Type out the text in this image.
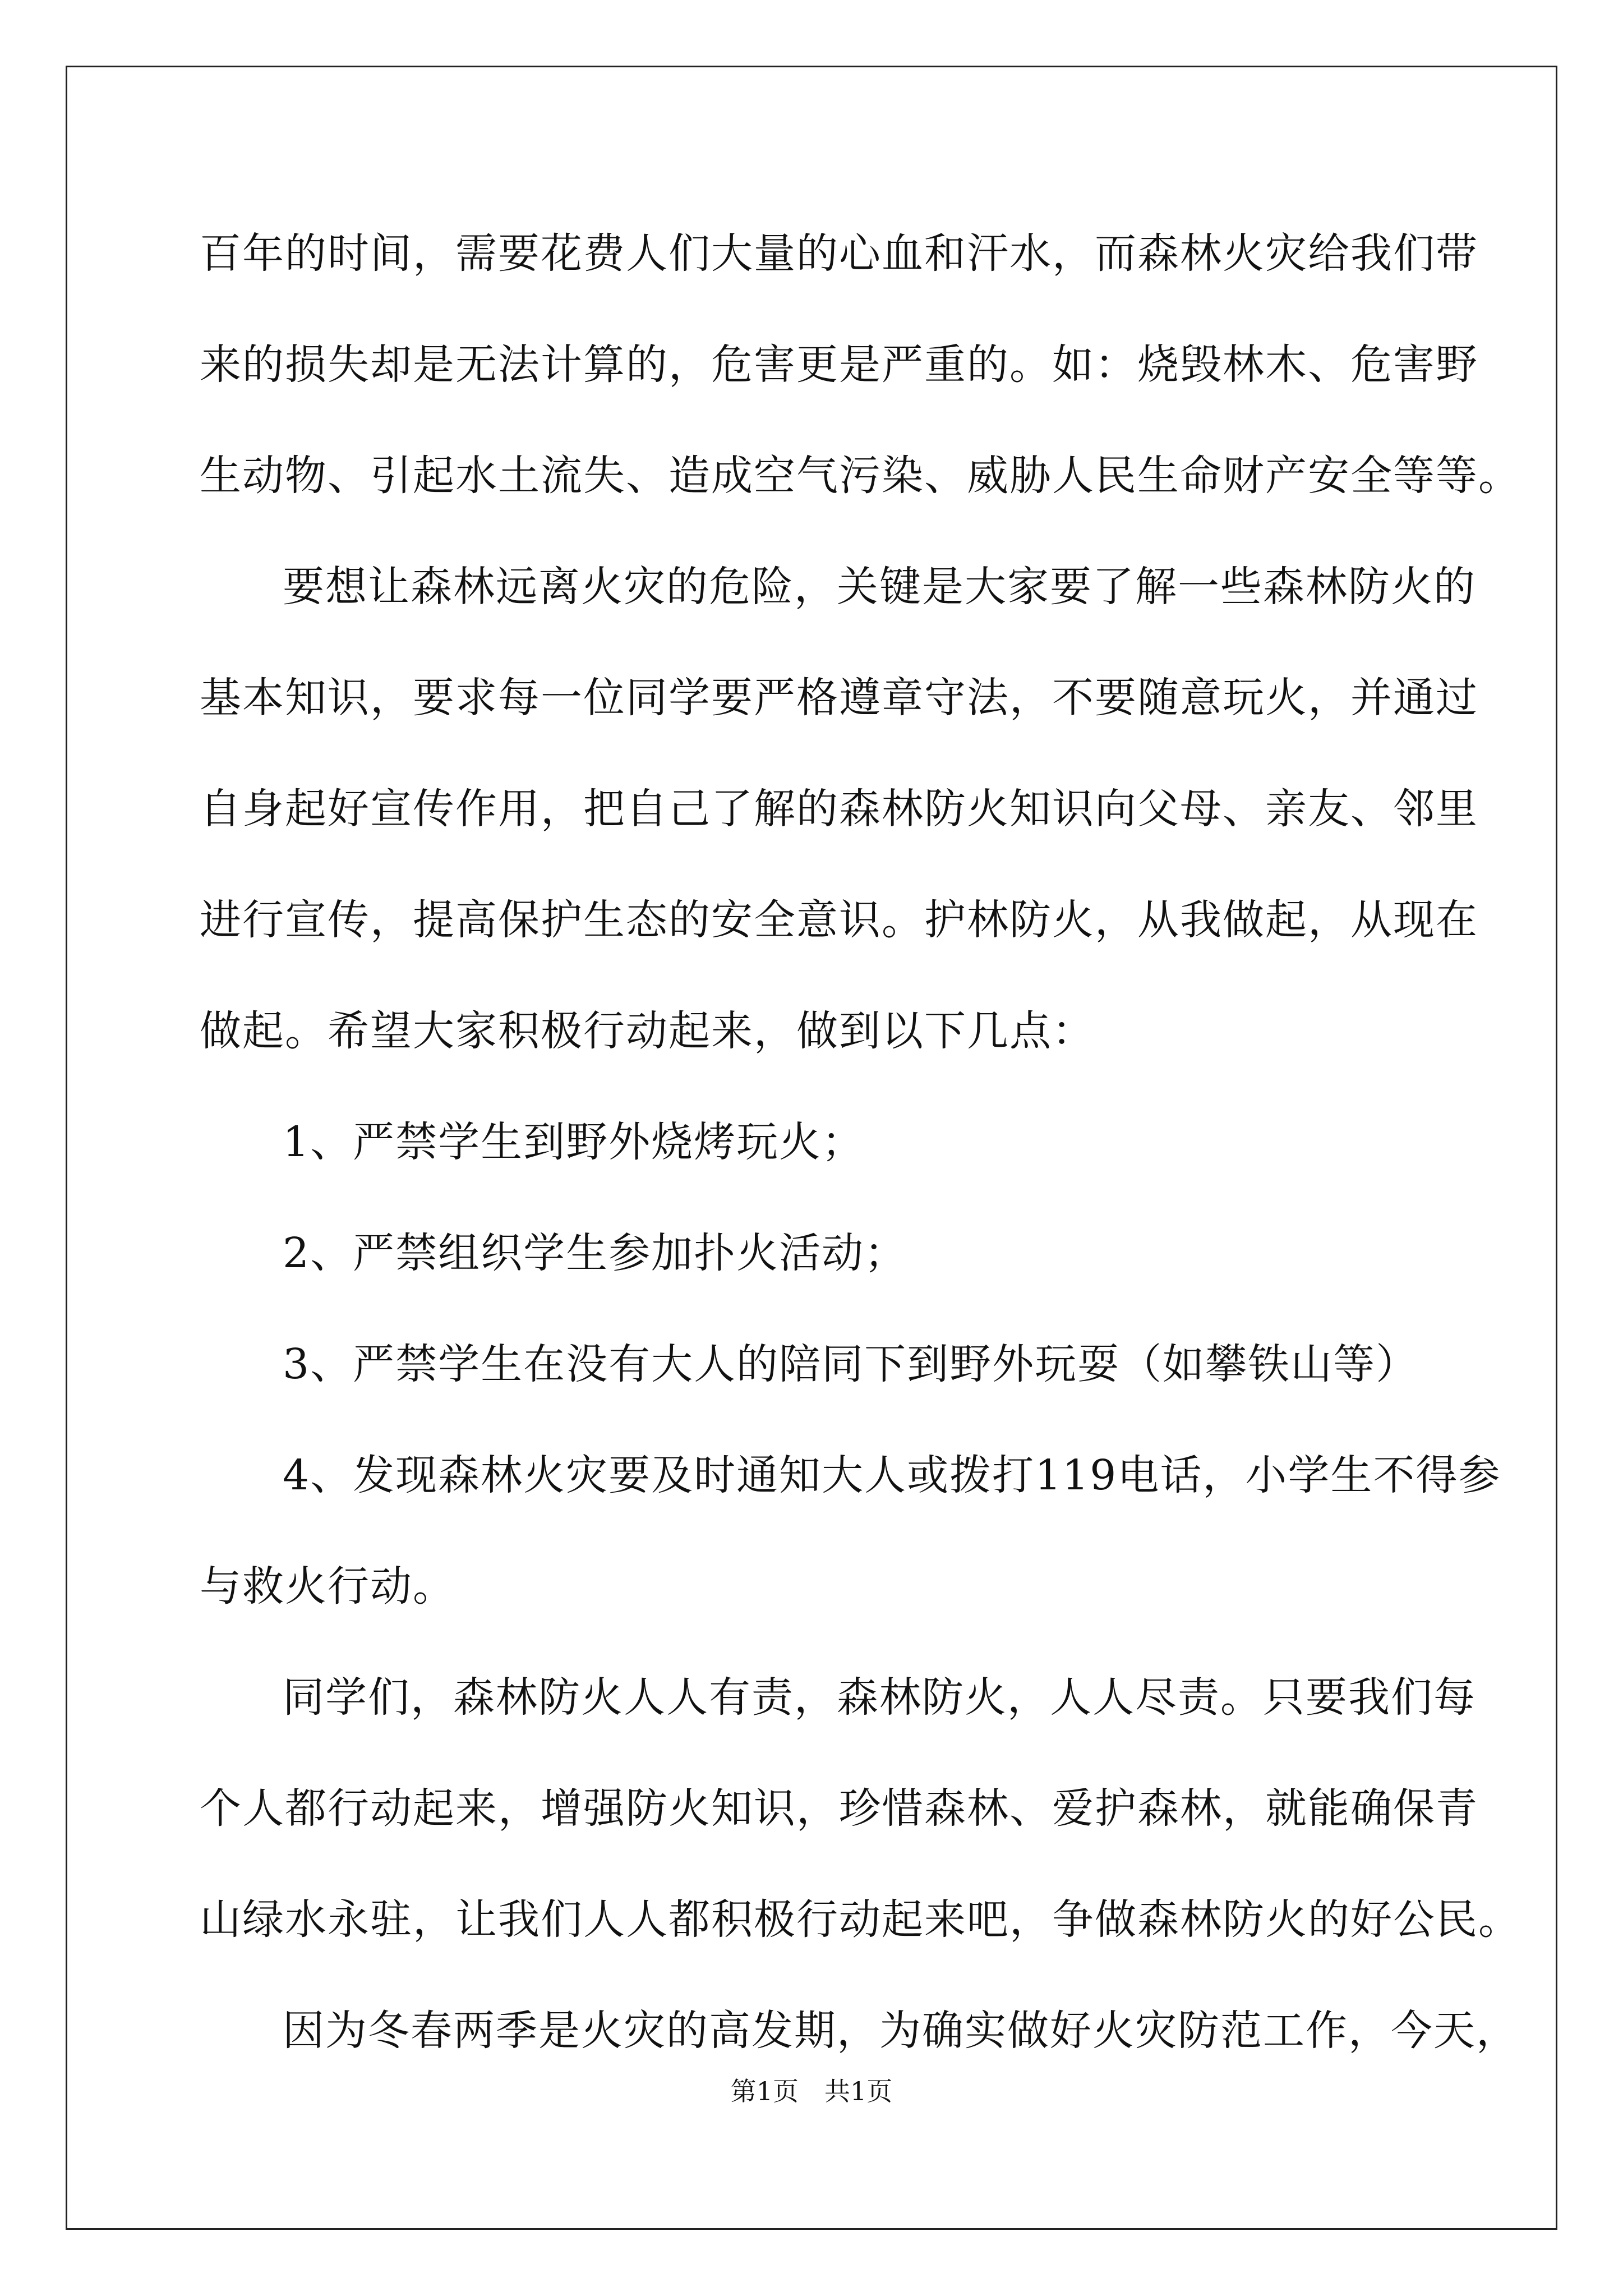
百年的时间，需要花费人们大量的心血和汗水，而森林火灾给我们带
来的损失却是无法计算的，危害更是严重的。如：烧毁林木、危害野
生动物、引起水土流失、造成空气污染、威胁人民生命财产安全等等。
要想让森林远离火灾的危险，关键是大家要了解一些森林防火的
基本知识，要求每一位同学要严格遵章守法，不要随意玩火，并通过
自身起好宣传作用，把自己了解的森林防火知识向父母、亲友、邻里
进行宣传，提高保护生态的安全意识。护林防火，从我做起，从现在
做起。希望大家积极行动起来，做到以下几点：
1、严禁学生到野外烧烤玩火；
2、严禁组织学生参加扑火活动；
3、严禁学生在没有大人的陪同下到野外玩耍（如攀铁山等）
4、发现森林火灾要及时通知大人或拨打119电话，小学生不得参
与救火行动。
同学们，森林防火人人有责，森林防火，人人尽责。只要我们每
个人都行动起来，增强防火知识，珍惜森林、爱护森林，就能确保青
山绿水永驻，让我们人人都积极行动起来吧，争做森林防火的好公民。
因为冬春两季是火灾的高发期，为确实做好火灾防范工作，今天，
第1页　共1页
